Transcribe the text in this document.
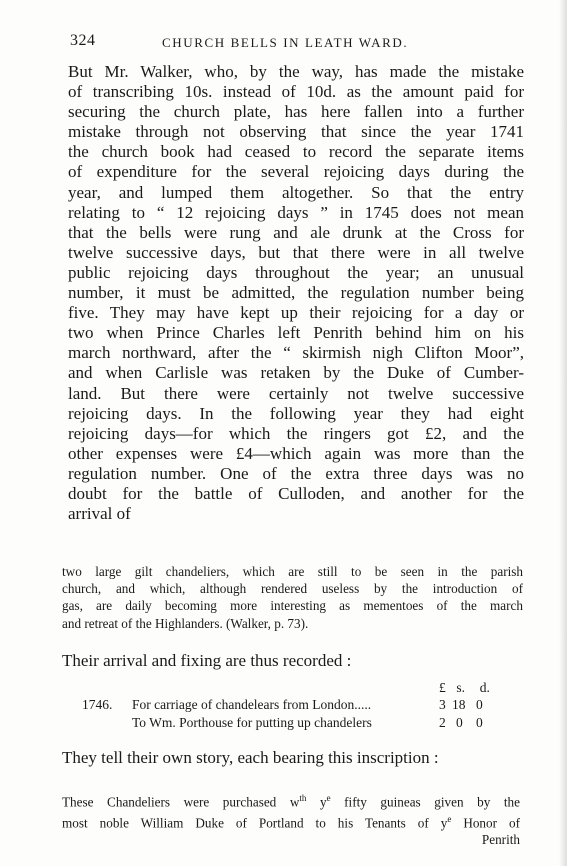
324	CHURCH BELLS IN LEATH WARD.
But Mr. Walker, who, by the way, has made the mistake
of transcribing 10s. instead of 10d. as the amount paid for
securing the church plate, has here fallen into a further
mistake through not observing that since the year 1741
the church book had ceased to record the separate items
of expenditure for the several rejoicing days during the
year, and lumped them altogether. So that the entry
relating to “ 12 rejoicing days ” in 1745 does not mean
that the bells were rung and ale drunk at the Cross for
twelve successive days, but that there were in all twelve
public rejoicing days throughout the year; an unusual
number, it must be admitted, the regulation number being
five. They may have kept up their rejoicing for a day or
two when Prince Charles left Penrith behind him on his
march northward, after the “ skirmish nigh Clifton Moor”,
and when Carlisle was retaken by the Duke of Cumber-
land. But there were certainly not twelve successive
rejoicing days. In the following year they had eight
rejoicing days—for which the ringers got £2, and the
other expenses were £4—which again was more than the
regulation number. One of the extra three days was no
doubt for the battle of Culloden, and another for the
arrival of
two large gilt chandeliers, which are still to be seen in the parish
church, and which, although rendered useless by the introduction of
gas, are daily becoming more interesting as mementoes of the march
and retreat of the Highlanders. (Walker, p. 73).
Their arrival and fixing are thus recorded :
£ s. d.
1746. For carriage of chandelears from London.....	3 18 0
To Wm. Porthouse for putting up chandelers	2 0 0
They tell their own story, each bearing this inscription :
These Chandeliers were purchased $w^{th}$ $y^e$ fifty guineas given by the
most noble William Duke of Portland to his Tenants of $y^e$ Honor of
Penrith
